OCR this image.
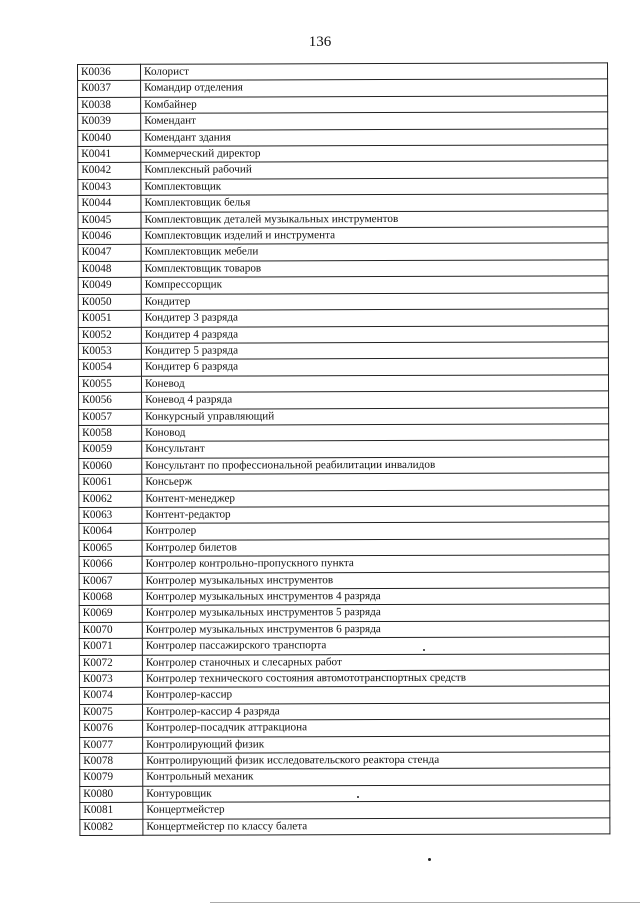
136
К0036	Колорист
К0037	Командир отделения
К0038	Комбайнер
К0039	Комендант
К0040	Комендант здания
К0041	Коммерческий директор
К0042	Комплексный рабочий
К0043	Комплектовщик
К0044	Комплектовщик белья
К0045	Комплектовщик деталей музыкальных инструментов
К0046	Комплектовщик изделий и инструмента
К0047	Комплектовщик мебели
К0048	Комплектовщик товаров
К0049	Компрессорщик
К0050	Кондитер
К0051	Кондитер 3 разряда
К0052	Кондитер 4 разряда
К0053	Кондитер 5 разряда
К0054	Кондитер 6 разряда
К0055	Коневод
К0056	Коневод 4 разряда
К0057	Конкурсный управляющий
К0058	Коновод
К0059	Консультант
К0060	Консультант по профессиональной реабилитации инвалидов
К0061	Консьерж
К0062	Контент-менеджер
К0063	Контент-редактор
К0064	Контролер
К0065	Контролер билетов
К0066	Контролер контрольно-пропускного пункта
К0067	Контролер музыкальных инструментов
К0068	Контролер музыкальных инструментов 4 разряда
К0069	Контролер музыкальных инструментов 5 разряда
К0070	Контролер музыкальных инструментов 6 разряда
К0071	Контролер пассажирского транспорта
К0072	Контролер станочных и слесарных работ
К0073	Контролер технического состояния автомототранспортных средств
К0074	Контролер-кассир
К0075	Контролер-кассир 4 разряда
К0076	Контролер-посадчик аттракциона
К0077	Контролирующий физик
К0078	Контролирующий физик исследовательского реактора стенда
К0079	Контрольный механик
К0080	Контуровщик
К0081	Концертмейстер
К0082	Концертмейстер по классу балета
